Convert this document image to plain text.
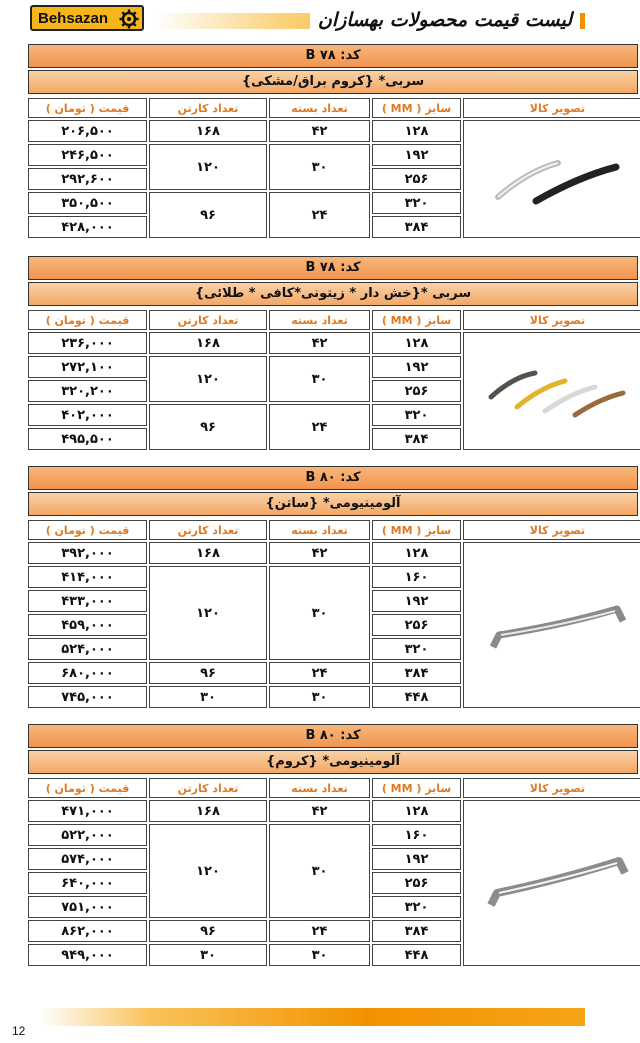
Behsazan	لیست قیمت محصولات بهسازان
کد: B ۷۸
سربی* {کروم براق/مشکی}
قیمت ( تومان )	تعداد کارتن	تعداد بسته	سایز ( MM )	تصویر کالا
۲۰۶,۵۰۰	۱۶۸	۴۲	۱۲۸	

۲۴۶,۵۰۰	۱۲۰	۳۰	۱۹۲	
۲۹۲,۶۰۰			۲۵۶	
۳۵۰,۵۰۰	۹۶	۲۴	۳۲۰	
۴۲۸,۰۰۰			۳۸۴	
کد: B ۷۸
سربی *{خش دار * زیتونی*کافی * طلائی}
قیمت ( تومان )	تعداد کارتن	تعداد بسته	سایز ( MM )	تصویر کالا
۲۳۶,۰۰۰	۱۶۸	۴۲	۱۲۸	

۲۷۲,۱۰۰	۱۲۰	۳۰	۱۹۲	
۳۲۰,۲۰۰			۲۵۶	
۴۰۲,۰۰۰	۹۶	۲۴	۳۲۰	
۴۹۵,۵۰۰			۳۸۴	
کد: B ۸۰
آلومینیومی* {ساتن}
قیمت ( تومان )	تعداد کارتن	تعداد بسته	سایز ( MM )	تصویر کالا
۳۹۲,۰۰۰	۱۶۸	۴۲	۱۲۸	

۴۱۴,۰۰۰	۱۲۰	۳۰	۱۶۰	
۴۳۳,۰۰۰			۱۹۲	
۴۵۹,۰۰۰			۲۵۶	
۵۲۴,۰۰۰			۳۲۰	
۶۸۰,۰۰۰	۹۶	۲۴	۳۸۴	
۷۴۵,۰۰۰	۳۰	۳۰	۴۴۸	
کد: B ۸۰
آلومینیومی* {کروم}
قیمت ( تومان )	تعداد کارتن	تعداد بسته	سایز ( MM )	تصویر کالا
۴۷۱,۰۰۰	۱۶۸	۴۲	۱۲۸	

۵۲۲,۰۰۰	۱۲۰	۳۰	۱۶۰	
۵۷۴,۰۰۰			۱۹۲	
۶۴۰,۰۰۰			۲۵۶	
۷۵۱,۰۰۰			۳۲۰	
۸۶۲,۰۰۰	۹۶	۲۴	۳۸۴	
۹۴۹,۰۰۰	۳۰	۳۰	۴۴۸	
12
